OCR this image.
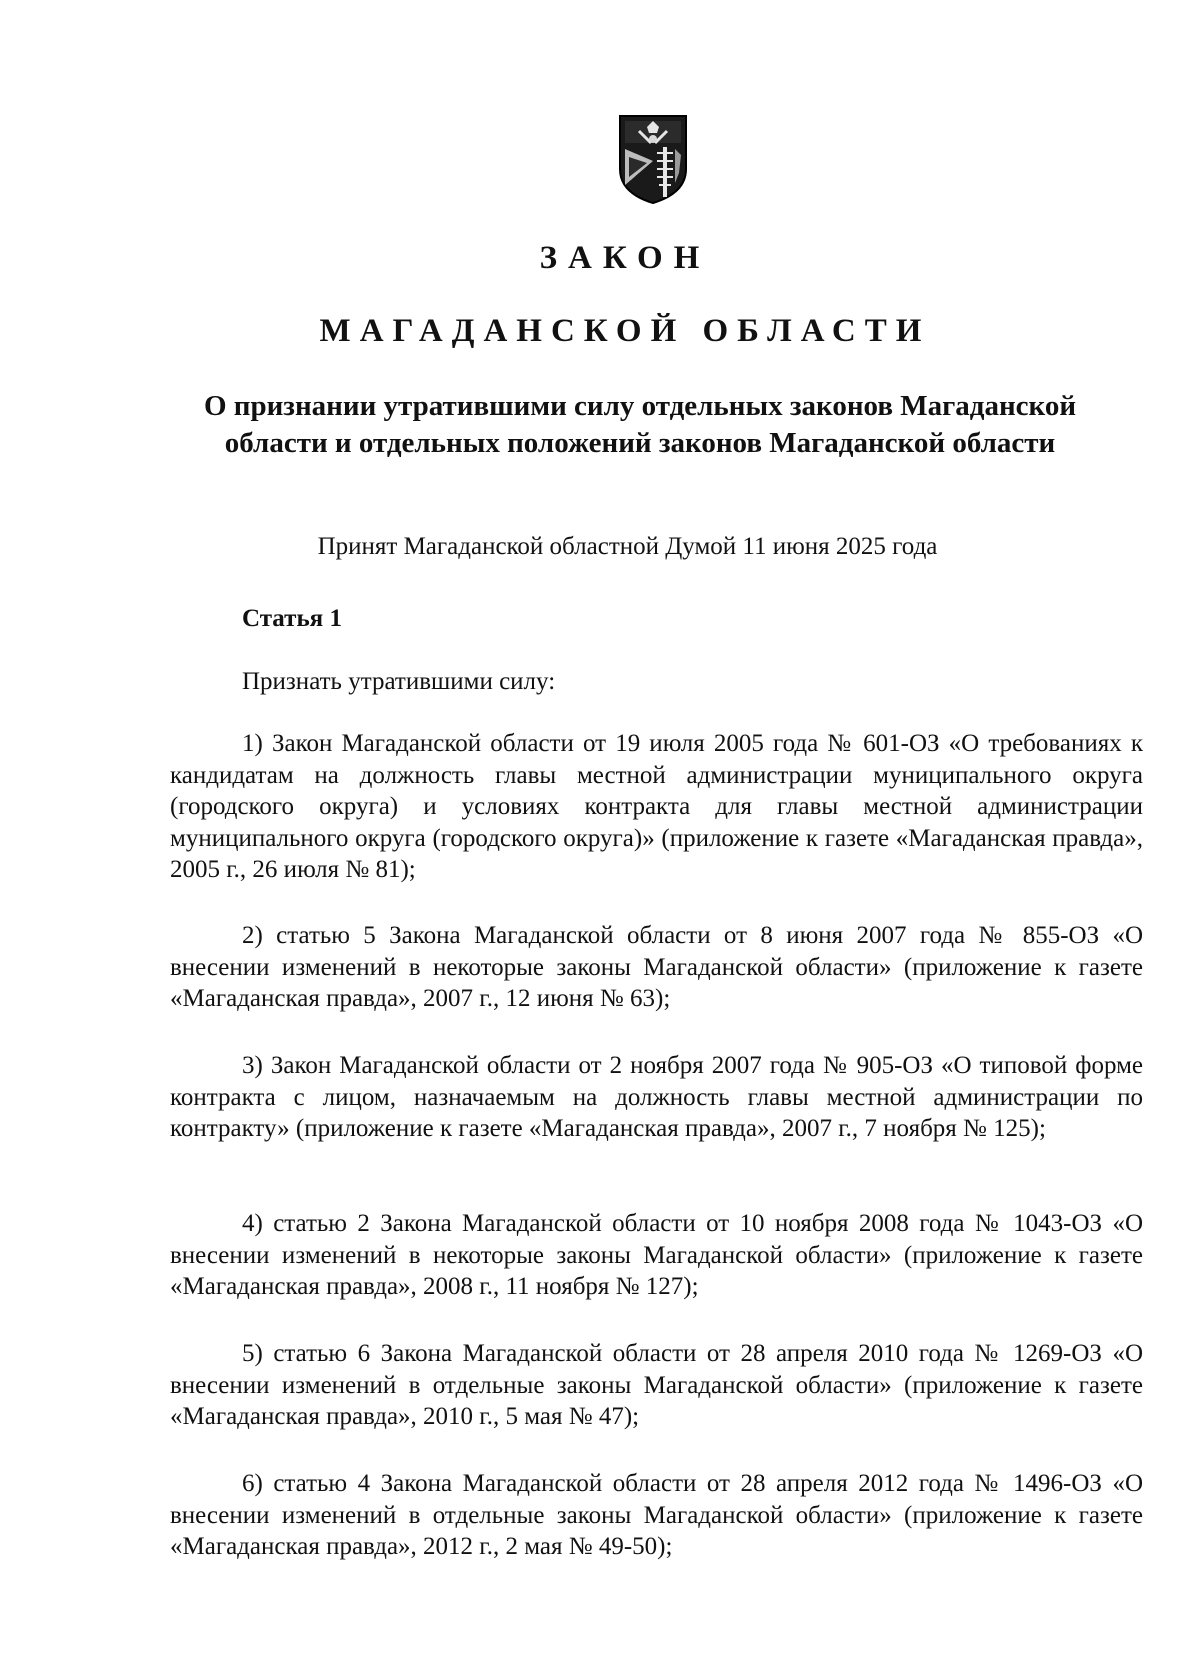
ЗАКОН
МАГАДАНСКОЙ ОБЛАСТИ
О признании утратившими силу отдельных законов Магаданской области и отдельных положений законов Магаданской области
Принят Магаданской областной Думой 11 июня 2025 года
Статья 1
Признать утратившими силу:
1) Закон Магаданской области от 19 июля 2005 года № 601-ОЗ «О требованиях к кандидатам на должность главы местной администрации муниципального округа (городского округа) и условиях контракта для главы местной администрации муниципального округа (городского округа)» (приложение к газете «Магаданская правда», 2005 г., 26 июля № 81);
2) статью 5 Закона Магаданской области от 8 июня 2007 года № 855-ОЗ «О внесении изменений в некоторые законы Магаданской области» (приложение к газете «Магаданская правда», 2007 г., 12 июня № 63);
3) Закон Магаданской области от 2 ноября 2007 года № 905-ОЗ «О типовой форме контракта с лицом, назначаемым на должность главы местной администрации по контракту» (приложение к газете «Магаданская правда», 2007 г., 7 ноября № 125);
4) статью 2 Закона Магаданской области от 10 ноября 2008 года № 1043-ОЗ «О внесении изменений в некоторые законы Магаданской области» (приложение к газете «Магаданская правда», 2008 г., 11 ноября № 127);
5) статью 6 Закона Магаданской области от 28 апреля 2010 года № 1269-ОЗ «О внесении изменений в отдельные законы Магаданской области» (приложение к газете «Магаданская правда», 2010 г., 5 мая № 47);
6) статью 4 Закона Магаданской области от 28 апреля 2012 года № 1496-ОЗ «О внесении изменений в отдельные законы Магаданской области» (приложение к газете «Магаданская правда», 2012 г., 2 мая № 49-50);
